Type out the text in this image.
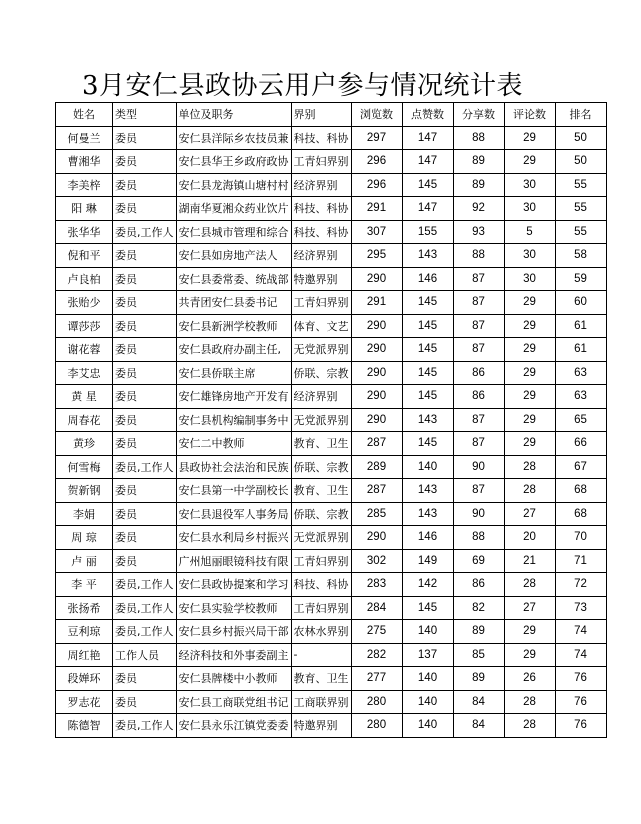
3月安仁县政协云用户参与情况统计表
姓名	类型	单位及职务	界别	浏览数	点赞数	分享数	评论数	排名
何曼兰	委员	安仁县洋际乡农技员兼	科技、科协	297	147	88	29	50
曹湘华	委员	安仁县华王乡政府政协	工青妇界别	296	147	89	29	50
李美梓	委员	安仁县龙海镇山塘村村	经济界别	296	145	89	30	55
阳 琳	委员	湖南华夏湘众药业饮片	科技、科协	291	147	92	30	55
张华华	委员,工作人	安仁县城市管理和综合	科技、科协	307	155	93	5	55
倪和平	委员	安仁县如房地产法人	经济界别	295	143	88	30	58
卢良柏	委员	安仁县委常委、统战部	特邀界别	290	146	87	30	59
张贻少	委员	共青团安仁县委书记	工青妇界别	291	145	87	29	60
谭莎莎	委员	安仁县新洲学校教师	体育、文艺	290	145	87	29	61
谢花蓉	委员	安仁县政府办副主任,	无党派界别	290	145	87	29	61
李艾忠	委员	安仁县侨联主席	侨联、宗教	290	145	86	29	63
黄 星	委员	安仁雄锋房地产开发有	经济界别	290	145	86	29	63
周春花	委员	安仁县机构编制事务中	无党派界别	290	143	87	29	65
黄珍	委员	安仁二中教师	教育、卫生	287	145	87	29	66
何雪梅	委员,工作人	县政协社会法治和民族	侨联、宗教	289	140	90	28	67
贺新钢	委员	安仁县第一中学副校长	教育、卫生	287	143	87	28	68
李娟	委员	安仁县退役军人事务局	侨联、宗教	285	143	90	27	68
周 琼	委员	安仁县水利局乡村振兴	无党派界别	290	146	88	20	70
卢 丽	委员	广州旭丽眼镜科技有限	工青妇界别	302	149	69	21	71
李 平	委员,工作人	安仁县政协提案和学习	科技、科协	283	142	86	28	72
张扬希	委员,工作人	安仁县实验学校教师	工青妇界别	284	145	82	27	73
豆利琼	委员,工作人	安仁县乡村振兴局干部	农林水界别	275	140	89	29	74
周红艳	工作人员	经济科技和外事委副主	-	282	137	85	29	74
段婵环	委员	安仁县牌楼中小教师	教育、卫生	277	140	89	26	76
罗志花	委员	安仁县工商联党组书记	工商联界别	280	140	84	28	76
陈德智	委员,工作人	安仁县永乐江镇党委委	特邀界别	280	140	84	28	76
